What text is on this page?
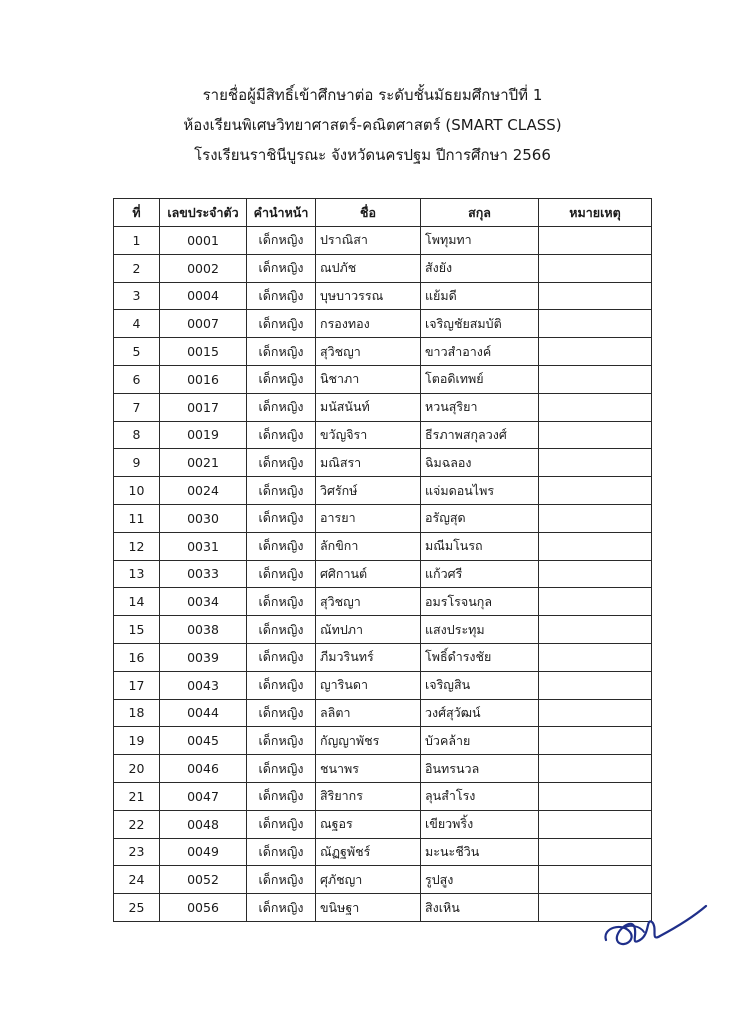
รายชื่อผู้มีสิทธิ์เข้าศึกษาต่อ ระดับชั้นมัธยมศึกษาปีที่ 1
ห้องเรียนพิเศษวิทยาศาสตร์-คณิตศาสตร์ (SMART CLASS)
โรงเรียนราชินีบูรณะ จังหวัดนครปฐม ปีการศึกษา 2566
ที่	เลขประจำตัว	คำนำหน้า	ชื่อ	สกุล	หมายเหตุ
1	0001	เด็กหญิง	ปราณิสา	โพทุมทา	
2	0002	เด็กหญิง	ณปภัช	สังยัง	
3	0004	เด็กหญิง	บุษบาวรรณ	แย้มดี	
4	0007	เด็กหญิง	กรองทอง	เจริญชัยสมบัติ	
5	0015	เด็กหญิง	สุวิชญา	ขาวสำอางค์	
6	0016	เด็กหญิง	นิชาภา	โตอดิเทพย์	
7	0017	เด็กหญิง	มนัสนันท์	หวนสุริยา	
8	0019	เด็กหญิง	ขวัญจิรา	ธีรภาพสกุลวงศ์	
9	0021	เด็กหญิง	มณิสรา	ฉิมฉลอง	
10	0024	เด็กหญิง	วิศรักษ์	แจ่มดอนไพร	
11	0030	เด็กหญิง	อารยา	อรัญสุด	
12	0031	เด็กหญิง	ลักขิกา	มณีมโนรถ	
13	0033	เด็กหญิง	ศศิกานต์	แก้วศรี	
14	0034	เด็กหญิง	สุวิชญา	อมรโรจนกุล	
15	0038	เด็กหญิง	ณัทปภา	แสงประทุม	
16	0039	เด็กหญิง	ภีมวรินทร์	โพธิ์ดำรงชัย	
17	0043	เด็กหญิง	ญารินดา	เจริญสิน	
18	0044	เด็กหญิง	ลลิตา	วงศ์สุวัฒน์	
19	0045	เด็กหญิง	กัญญาพัชร	บัวคล้าย	
20	0046	เด็กหญิง	ชนาพร	อินทรนวล	
21	0047	เด็กหญิง	สิริยากร	ลุนสำโรง	
22	0048	เด็กหญิง	ณฐอร	เขียวพริ้ง	
23	0049	เด็กหญิง	ณัฏฐพัชร์	มะนะชีวิน	
24	0052	เด็กหญิง	ศุภัชญา	รูปสูง	
25	0056	เด็กหญิง	ขนิษฐา	สิงเหิน	
